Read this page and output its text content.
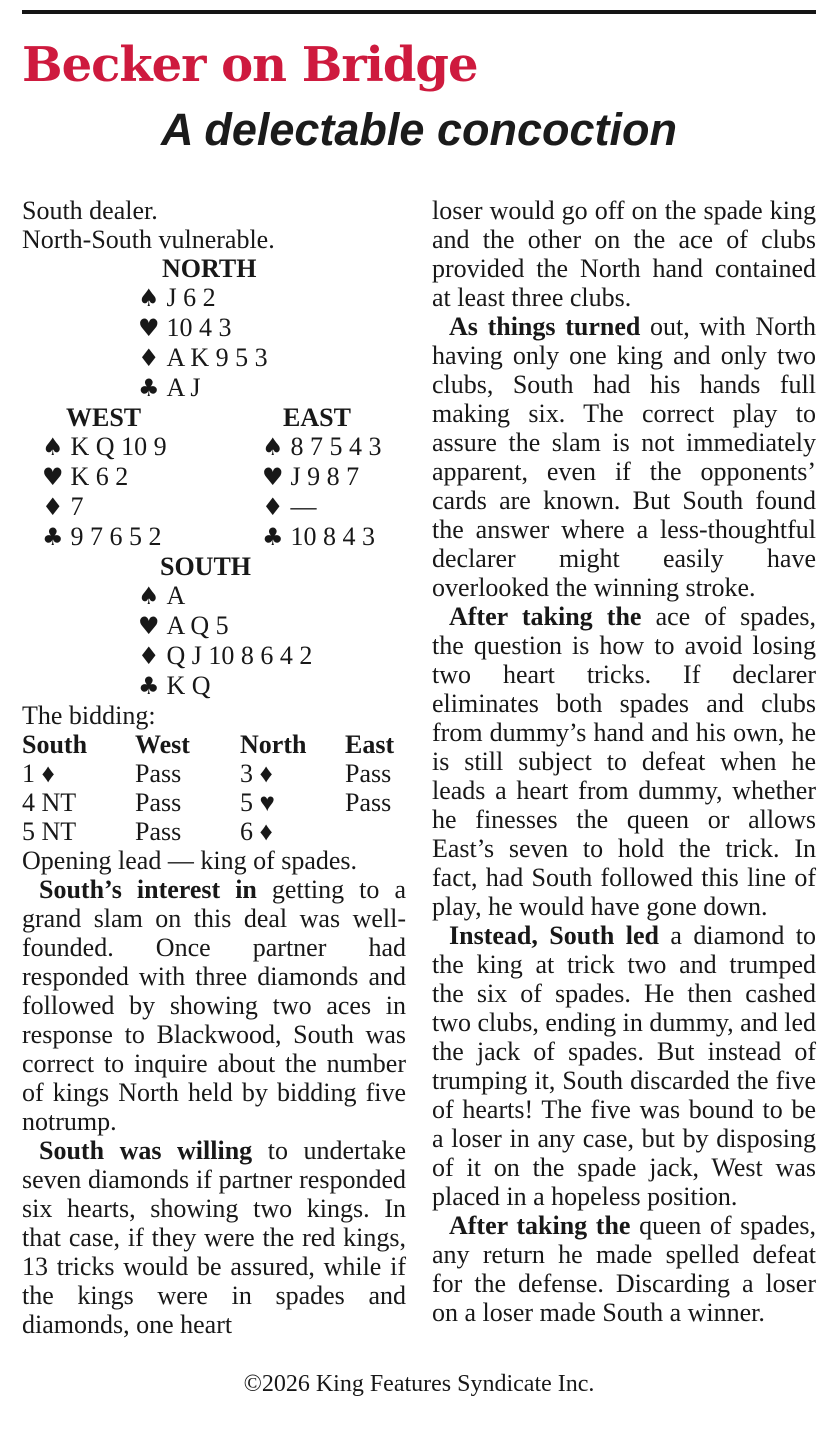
Becker on Bridge
A delectable concoction
South dealer.
North-South vulnerable.
NORTH
♠ J 6 2
♥ 10 4 3
♦ A K 9 5 3
♣ A J
WEST
♠ K Q 10 9
♥ K 6 2
♦ 7
♣ 9 7 6 5 2
EAST
♠ 8 7 5 4 3
♥ J 9 8 7
♦ —
♣ 10 8 4 3
SOUTH
♠ A
♥ A Q 5
♦ Q J 10 8 6 4 2
♣ K Q
The bidding:
South	West	North	East
1 ♦	Pass	3 ♦	Pass
4 NT	Pass	5 ♥	Pass
5 NT	Pass	6 ♦
Opening lead — king of spades.

South’s interest in getting to a grand slam on this deal was well-founded. Once partner had responded with three diamonds and followed by showing two aces in response to Blackwood, South was correct to inquire about the number of kings North held by bidding five notrump.

South was willing to undertake seven diamonds if partner responded six hearts, showing two kings. In that case, if they were the red kings, 13 tricks would be assured, while if the kings were in spades and diamonds, one heart

loser would go off on the spade king and the other on the ace of clubs provided the North hand contained at least three clubs.

As things turned out, with North having only one king and only two clubs, South had his hands full making six. The correct play to assure the slam is not immediately apparent, even if the opponents’ cards are known. But South found the answer where a less-thoughtful declarer might easily have overlooked the winning stroke.

After taking the ace of spades, the question is how to avoid losing two heart tricks. If declarer eliminates both spades and clubs from dummy’s hand and his own, he is still subject to defeat when he leads a heart from dummy, whether he finesses the queen or allows East’s seven to hold the trick. In fact, had South followed this line of play, he would have gone down.

Instead, South led a diamond to the king at trick two and trumped the six of spades. He then cashed two clubs, ending in dummy, and led the jack of spades. But instead of trumping it, South discarded the five of hearts! The five was bound to be a loser in any case, but by disposing of it on the spade jack, West was placed in a hopeless position.

After taking the queen of spades, any return he made spelled defeat for the defense. Discarding a loser on a loser made South a winner.

©2026 King Features Syndicate Inc.
